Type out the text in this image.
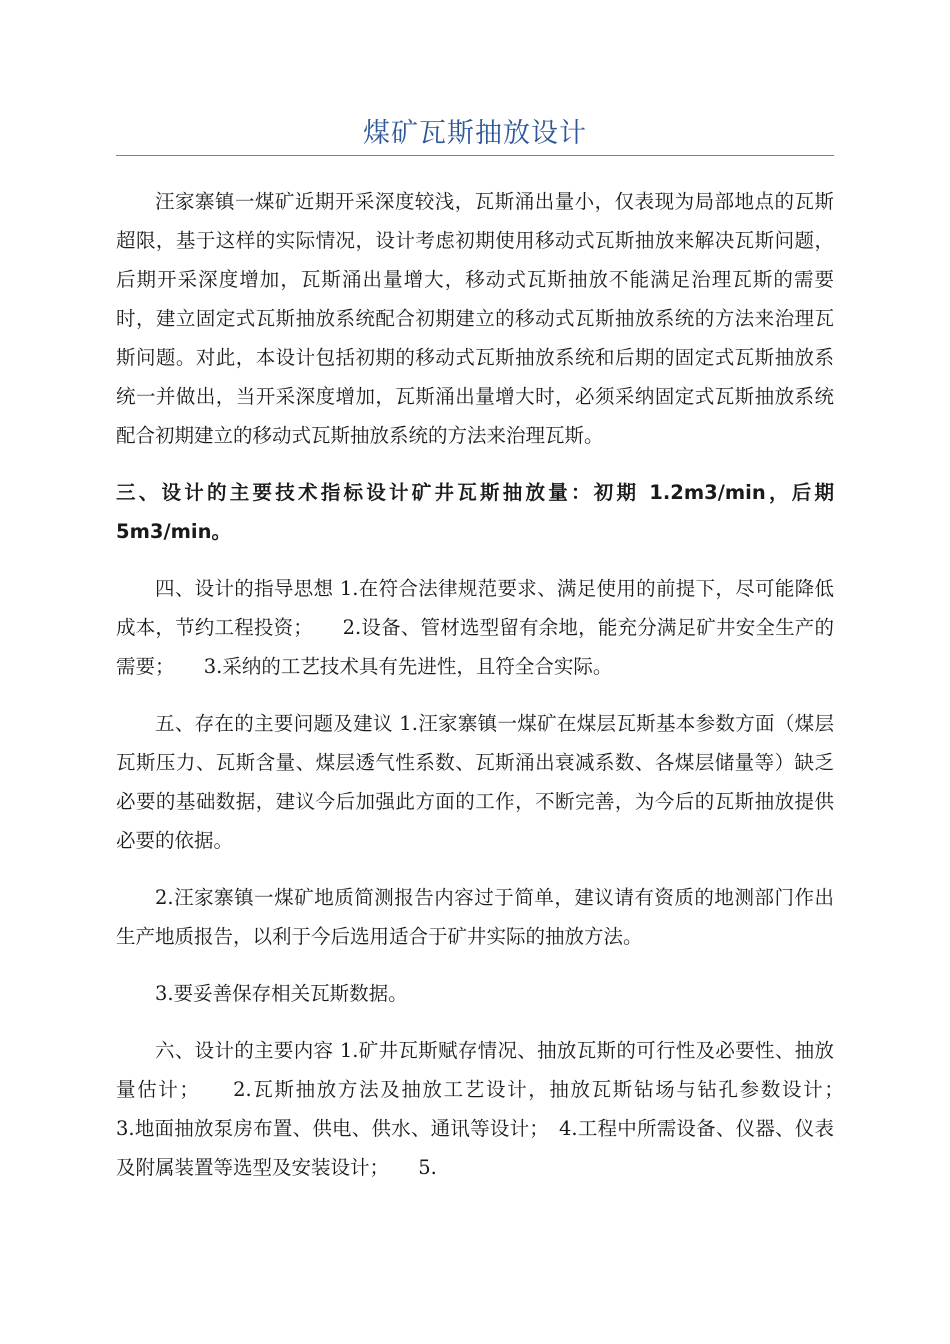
煤矿瓦斯抽放设计

汪家寨镇一煤矿近期开采深度较浅，瓦斯涌出量小，仅表现为局部地点的瓦斯超限，基于这样的实际情况，设计考虑初期使用移动式瓦斯抽放来解决瓦斯问题，后期开采深度增加，瓦斯涌出量增大，移动式瓦斯抽放不能满足治理瓦斯的需要时，建立固定式瓦斯抽放系统配合初期建立的移动式瓦斯抽放系统的方法来治理瓦斯问题。对此，本设计包括初期的移动式瓦斯抽放系统和后期的固定式瓦斯抽放系统一并做出，当开采深度增加，瓦斯涌出量增大时，必须采纳固定式瓦斯抽放系统配合初期建立的移动式瓦斯抽放系统的方法来治理瓦斯。

三、设计的主要技术指标设计矿井瓦斯抽放量：初期 1.2m3/min，后期 5m3/min。

四、设计的指导思想 1.在符合法律规范要求、满足使用的前提下，尽可能降低成本，节约工程投资；　　2.设备、管材选型留有余地，能充分满足矿井安全生产的需要；　　3.采纳的工艺技术具有先进性，且符全合实际。

五、存在的主要问题及建议 1.汪家寨镇一煤矿在煤层瓦斯基本参数方面（煤层瓦斯压力、瓦斯含量、煤层透气性系数、瓦斯涌出衰减系数、各煤层储量等）缺乏必要的基础数据，建议今后加强此方面的工作，不断完善，为今后的瓦斯抽放提供必要的依据。

2.汪家寨镇一煤矿地质简测报告内容过于简单，建议请有资质的地测部门作出生产地质报告，以利于今后选用适合于矿井实际的抽放方法。

3.要妥善保存相关瓦斯数据。

六、设计的主要内容 1.矿井瓦斯赋存情况、抽放瓦斯的可行性及必要性、抽放量估计；　　2.瓦斯抽放方法及抽放工艺设计，抽放瓦斯钻场与钻孔参数设计；　　3.地面抽放泵房布置、供电、供水、通讯等设计；　4.工程中所需设备、仪器、仪表及附属装置等选型及安装设计；　　5.
